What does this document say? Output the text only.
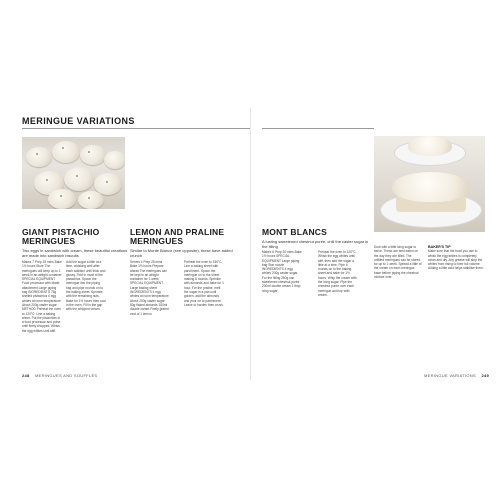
MERINGUE VARIATIONS
GIANT PISTACHIO MERINGUES
Two eggs in sandwich with cream, these beautiful creations are made into sandwich biscuits
LEMON AND PRALINE MERINGUES
Similar to Monte Blanco (see opposite), these have added crunch
MONT BLANCS
A lusting sweetened chestnut purée, chill the caster sugar in the filling
Makes 7 Prep 25 mins Bake 1½ hours Store The meringues will keep up to 1 week in an airtight container SPECIAL EQUIPMENT Food processor with blade attachment Large piping bag INGREDIENTS 75g shelled pistachios 4 egg whites at room temperature About 200g caster sugar METHOD Preheat the oven to 120°C. Line a baking sheet. Put the pistachios in a food processor and pulse until finely chopped. Whisk the egg whites until stiff.
Add the sugar a little at a time, whisking well after each addition until thick and glossy. Fold in most of the pistachios. Spoon the meringue into the piping bag and pipe rounds on to the baking sheet. Sprinkle with the remaining nuts. Bake for 1½ hours then cool in the oven. Fill in the gap with the whipped cream.
Serves 4 Prep 25 mins Bake 1½ hours Prepare ahead The meringues can be kept in an airtight container for 1 week SPECIAL EQUIPMENT Large baking sheet INGREDIENTS 4 egg whites at room temperature About 200g caster sugar 50g flaked almonds 150ml double cream Finely grated zest of 1 lemon
Preheat the oven to 150°C. Line a baking sheet with parchment. Spoon the meringue on to the sheet making 8 rounds. Sprinkle with almonds and bake for 1 hour. For the praline, melt the sugar in a pan until golden, add the almonds and pour on to parchment. Leave to harden then crush.
Makes 6 Prep 30 mins Bake 1½ hours SPECIAL EQUIPMENT Large piping bag Star nozzle INGREDIENTS 4 egg whites 200g caster sugar For the filling 250g can sweetened chestnut purée 200ml double cream 1 tbsp icing sugar
Preheat the oven to 120°C. Whisk the egg whites until stiff, then add the sugar a little at a time. Pipe 6 rounds on to the baking sheet and bake for 1½ hours. Whip the cream with the icing sugar. Pipe the chestnut purée over each meringue and top with cream.
Dust with a little icing sugar to serve. These are best eaten on the day they are filled. The unfilled meringues can be stored for up to 1 week. Spread a little of the cream on each meringue base before piping the chestnut mixture over.
BAKER'S TIP
Make sure that the bowl you use to whisk the egg whites is completely clean and dry. Any grease will stop the whites from rising to their full volume. Adding a little acid helps stabilise them.
248 MERINGUES AND SOUFFLÉS	MERINGUE VARIATIONS 249
